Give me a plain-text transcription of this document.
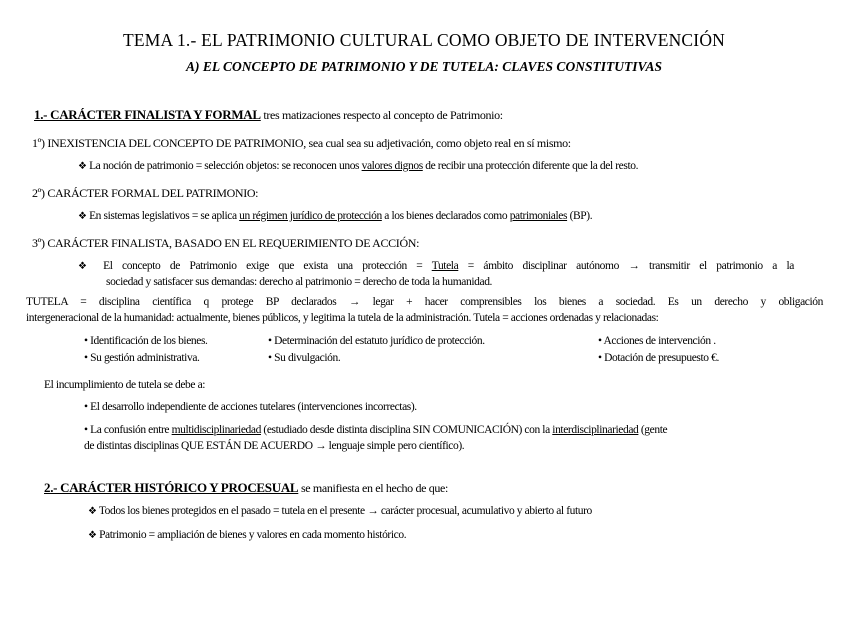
TEMA 1.- EL PATRIMONIO CULTURAL COMO OBJETO DE INTERVENCIÓN
A) EL CONCEPTO DE PATRIMONIO Y DE TUTELA: CLAVES CONSTITUTIVAS
1.- CARÁCTER FINALISTA Y FORMAL tres matizaciones respecto al concepto de Patrimonio:
1º) INEXISTENCIA DEL CONCEPTO DE PATRIMONIO, sea cual sea su adjetivación, como objeto real en sí mismo:
❖ La noción de patrimonio = selección objetos: se reconocen unos valores dignos de recibir una protección diferente que la del resto.
2º) CARÁCTER FORMAL DEL PATRIMONIO:
❖ En sistemas legislativos = se aplica un régimen jurídico de protección a los bienes declarados como patrimoniales (BP).
3º) CARÁCTER FINALISTA, BASADO EN EL REQUERIMIENTO DE ACCIÓN:
❖ El concepto de Patrimonio exige que exista una protección = Tutela = ámbito disciplinar autónomo → transmitir el patrimonio a la
sociedad y satisfacer sus demandas: derecho al patrimonio = derecho de toda la humanidad.
TUTELA = disciplina científica q protege BP declarados → legar + hacer comprensibles los bienes a sociedad. Es un derecho y obligación
intergeneracional de la humanidad: actualmente, bienes públicos, y legitima la tutela de la administración. Tutela = acciones ordenadas y relacionadas:
• Identificación de los bienes.	• Determinación del estatuto jurídico de protección.	• Acciones de intervención .
• Su gestión administrativa.	• Su divulgación.	• Dotación de presupuesto €.
El incumplimiento de tutela se debe a:
• El desarrollo independiente de acciones tutelares (intervenciones incorrectas).
• La confusión entre multidisciplinariedad (estudiado desde distinta disciplina SIN COMUNICACIÓN) con la interdisciplinariedad (gente
de distintas disciplinas QUE ESTÁN DE ACUERDO → lenguaje simple pero científico).
2.- CARÁCTER HISTÓRICO Y PROCESUAL se manifiesta en el hecho de que:
❖ Todos los bienes protegidos en el pasado = tutela en el presente → carácter procesual, acumulativo y abierto al futuro
❖ Patrimonio = ampliación de bienes y valores en cada momento histórico.
